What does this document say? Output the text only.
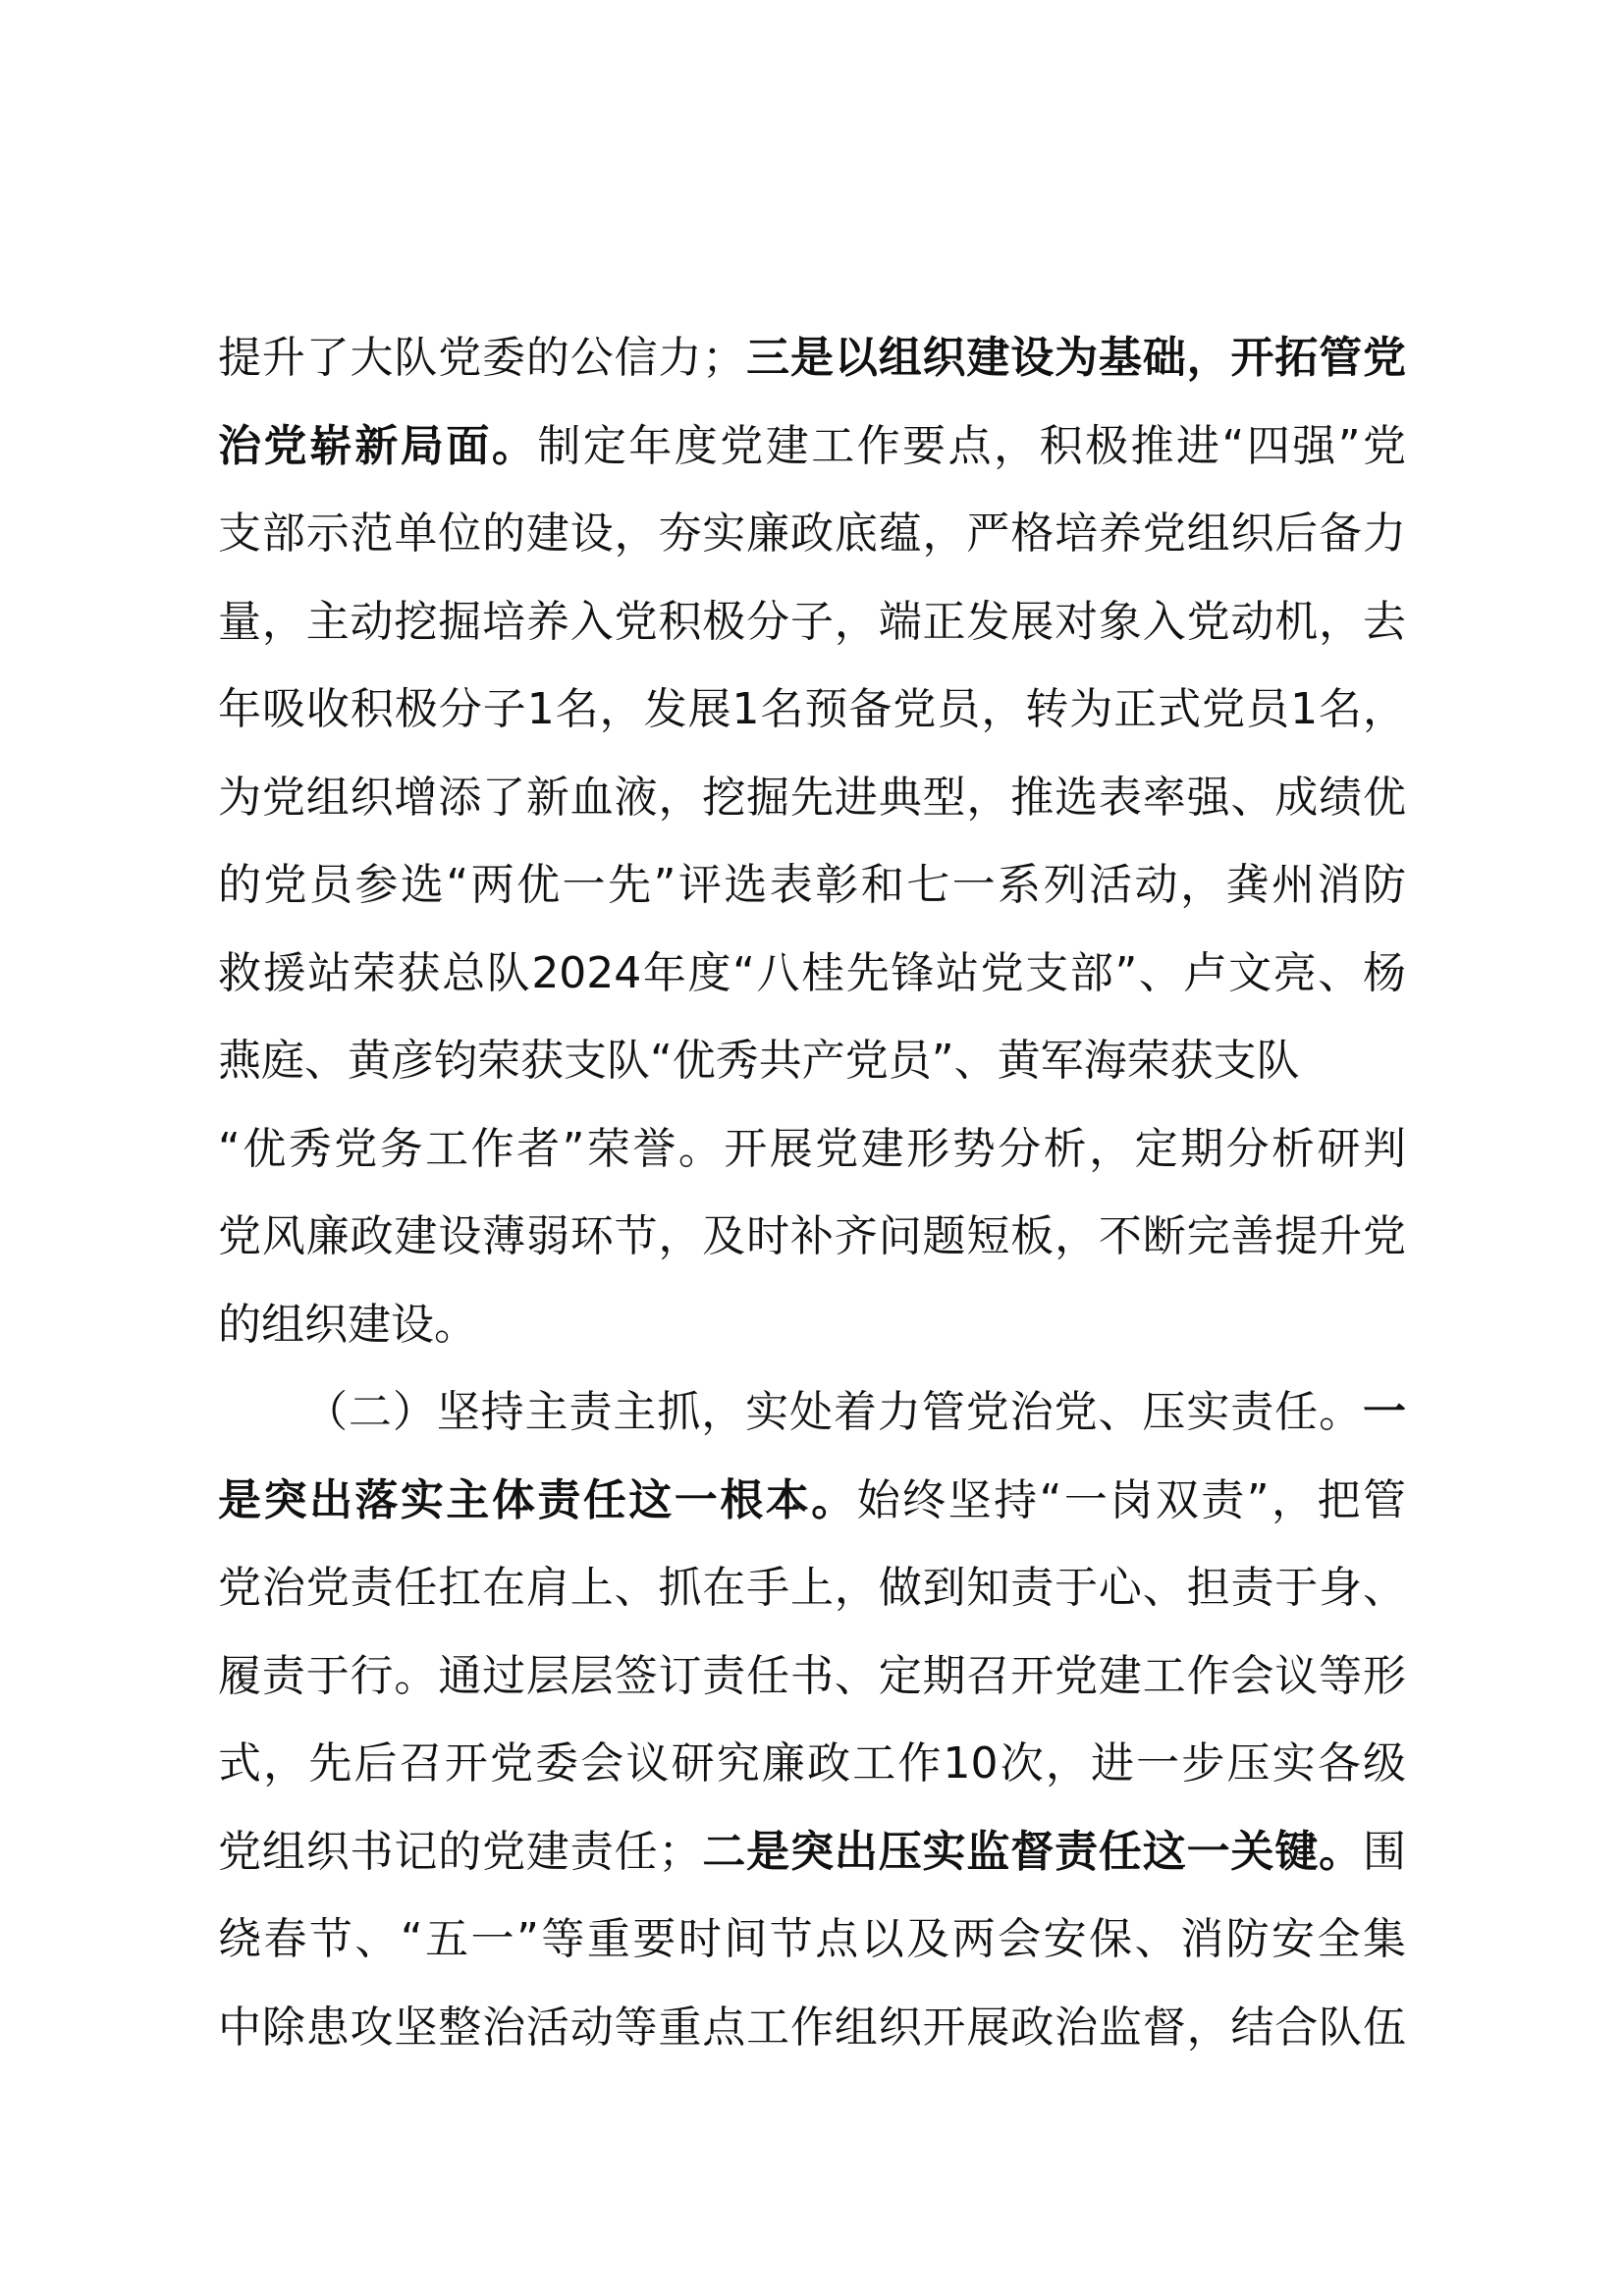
提升了大队党委的公信力；三是以组织建设为基础，开拓管党
治党崭新局面。制定年度党建工作要点，积极推进“四强”党
支部示范单位的建设，夯实廉政底蕴，严格培养党组织后备力
量，主动挖掘培养入党积极分子，端正发展对象入党动机，去
年吸收积极分子1名，发展1名预备党员，转为正式党员1名，
为党组织增添了新血液，挖掘先进典型，推选表率强、成绩优
的党员参选“两优一先”评选表彰和七一系列活动，龚州消防
救援站荣获总队2024年度“八桂先锋站党支部”、卢文亮、杨
燕庭、黄彦钧荣获支队“优秀共产党员”、黄军海荣获支队
“优秀党务工作者”荣誉。开展党建形势分析，定期分析研判
党风廉政建设薄弱环节，及时补齐问题短板，不断完善提升党
的组织建设。
（二）坚持主责主抓，实处着力管党治党、压实责任。一
是突出落实主体责任这一根本。始终坚持“一岗双责”，把管
党治党责任扛在肩上、抓在手上，做到知责于心、担责于身、
履责于行。通过层层签订责任书、定期召开党建工作会议等形
式，先后召开党委会议研究廉政工作10次，进一步压实各级
党组织书记的党建责任；二是突出压实监督责任这一关键。围
绕春节、“五一”等重要时间节点以及两会安保、消防安全集
中除患攻坚整治活动等重点工作组织开展政治监督，结合队伍
